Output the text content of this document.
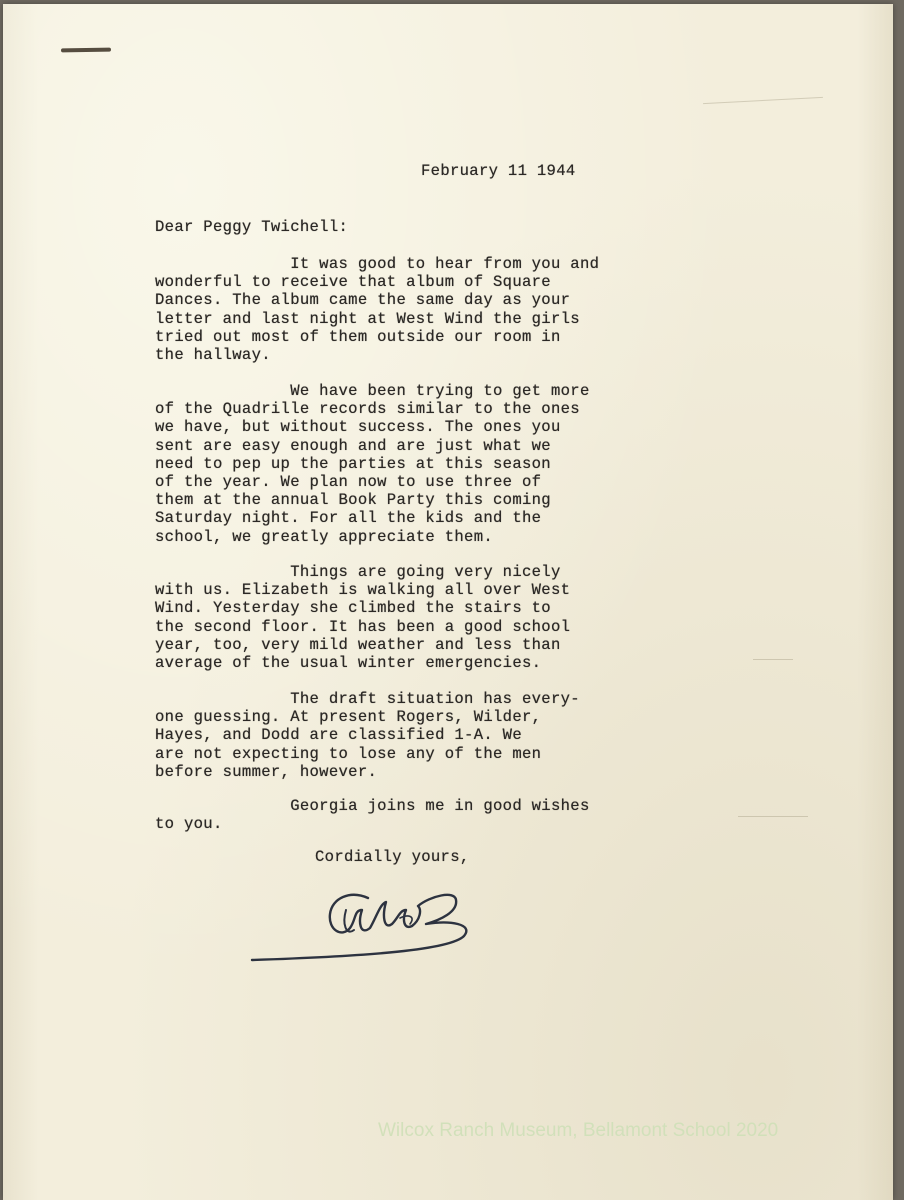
February 11 1944
Dear Peggy Twichell:
It was good to hear from you and
wonderful to receive that album of Square
Dances. The album came the same day as your
letter and last night at West Wind the girls
tried out most of them outside our room in
the hallway.
We have been trying to get more
of the Quadrille records similar to the ones
we have, but without success. The ones you
sent are easy enough and are just what we
need to pep up the parties at this season
of the year. We plan now to use three of
them at the annual Book Party this coming
Saturday night. For all the kids and the
school, we greatly appreciate them.
Things are going very nicely
with us. Elizabeth is walking all over West
Wind. Yesterday she climbed the stairs to
the second floor. It has been a good school
year, too, very mild weather and less than
average of the usual winter emergencies.
The draft situation has every-
one guessing. At present Rogers, Wilder,
Hayes, and Dodd are classified 1-A. We
are not expecting to lose any of the men
before summer, however.
Georgia joins me in good wishes
to you.
Cordially yours,
Wilcox Ranch Museum, Bellamont School 2020
